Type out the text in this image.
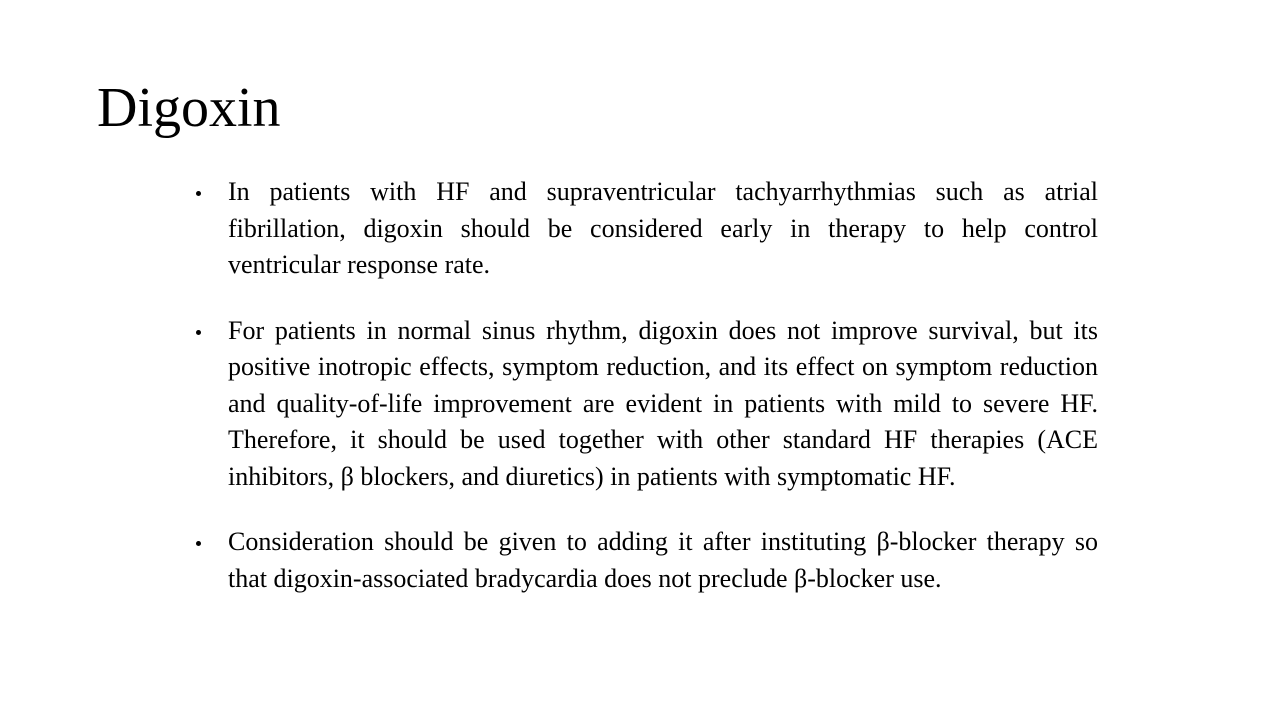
Digoxin
In patients with HF and supraventricular tachyarrhythmias such as atrial fibrillation, digoxin should be considered early in therapy to help control ventricular response rate.
For patients in normal sinus rhythm, digoxin does not improve survival, but its positive inotropic effects, symptom reduction, and its effect on symptom reduction and quality-of-life improvement are evident in patients with mild to severe HF. Therefore, it should be used together with other standard HF therapies (ACE inhibitors, β blockers, and diuretics) in patients with symptomatic HF.
Consideration should be given to adding it after instituting β-blocker therapy so that digoxin-associated bradycardia does not preclude β-blocker use.
